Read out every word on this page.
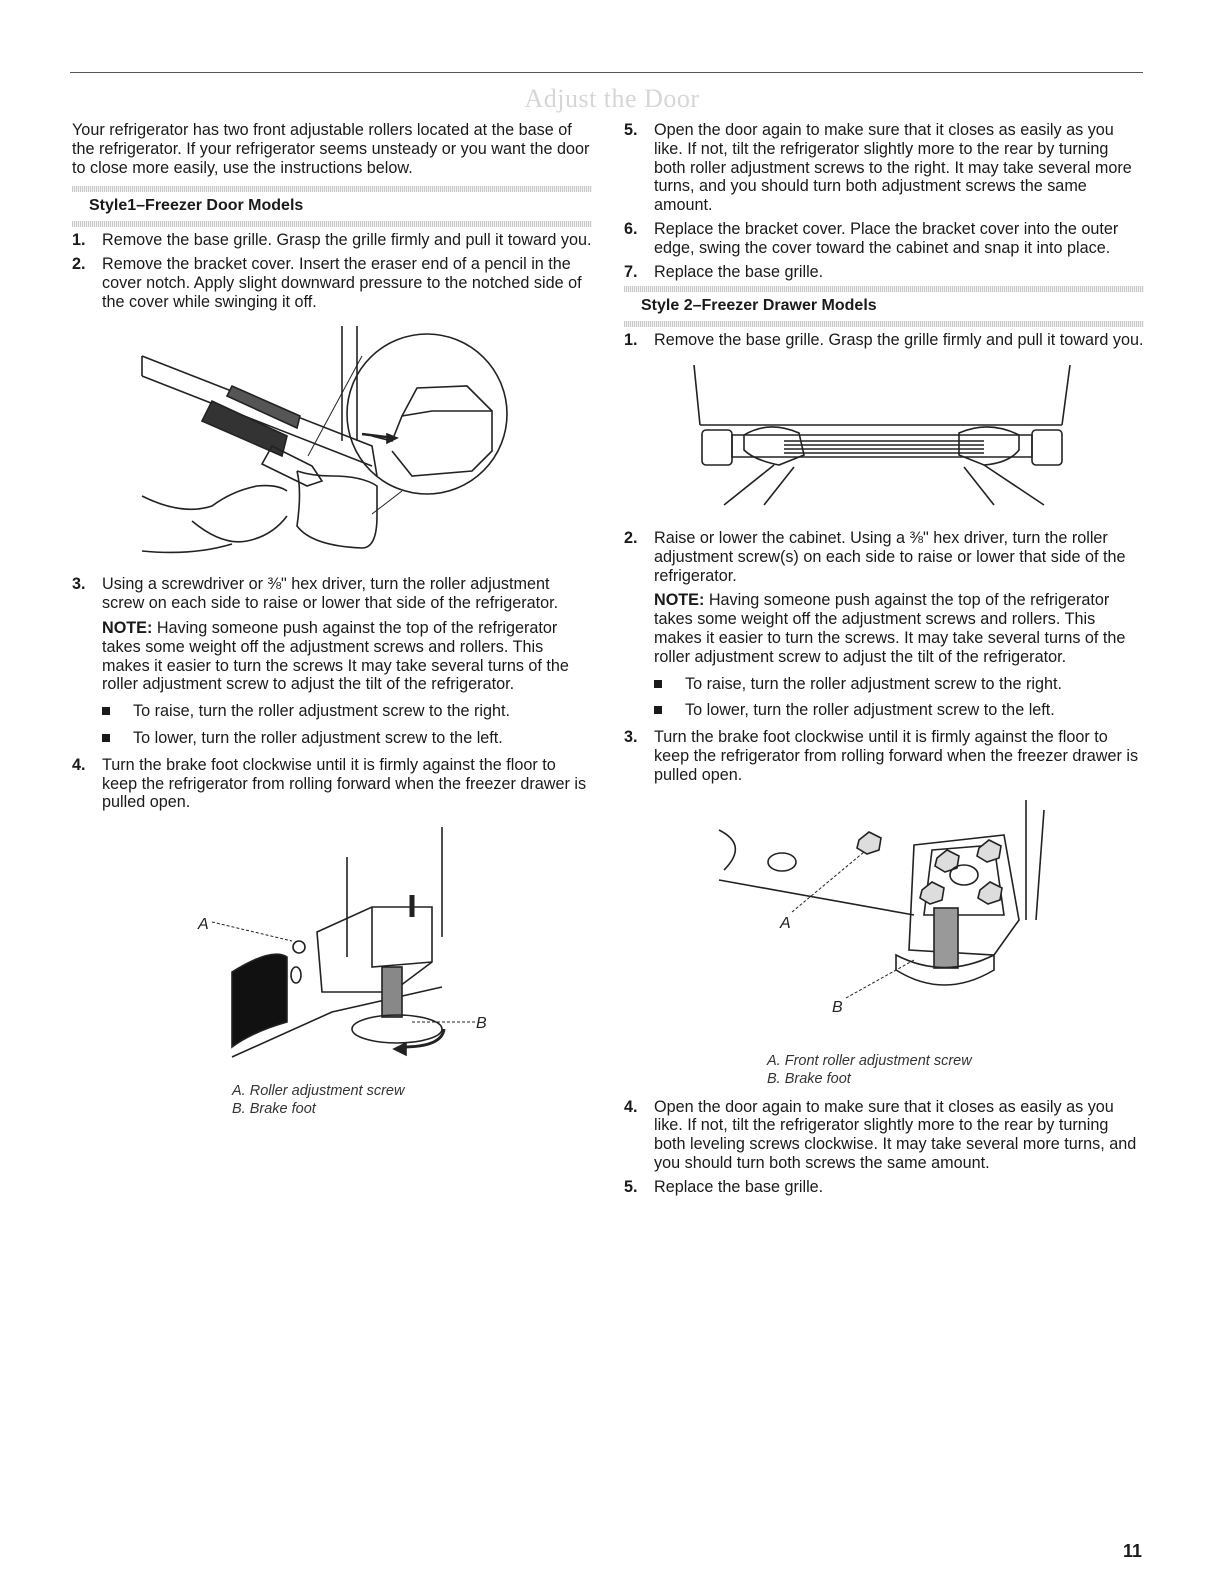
Adjust the Door

Your refrigerator has two front adjustable rollers located at the base of the refrigerator. If your refrigerator seems unsteady or you want the door to close more easily, use the instructions below.

Style1–Freezer Door Models
1. Remove the base grille. Grasp the grille firmly and pull it toward you.
2. Remove the bracket cover. Insert the eraser end of a pencil in the cover notch. Apply slight downward pressure to the notched side of the cover while swinging it off.
3. Using a screwdriver or ⅜" hex driver, turn the roller adjustment screw on each side to raise or lower that side of the refrigerator.

NOTE: Having someone push against the top of the refrigerator takes some weight off the adjustment screws and rollers. This makes it easier to turn the screws It may take several turns of the roller adjustment screw to adjust the tilt of the refrigerator.

To raise, turn the roller adjustment screw to the right.
To lower, turn the roller adjustment screw to the left.
4. Turn the brake foot clockwise until it is firmly against the floor to keep the refrigerator from rolling forward when the freezer drawer is pulled open.
A
B
A. Roller adjustment screw
B. Brake foot
5. Open the door again to make sure that it closes as easily as you like. If not, tilt the refrigerator slightly more to the rear by turning both roller adjustment screws to the right. It may take several more turns, and you should turn both adjustment screws the same amount.
6. Replace the bracket cover. Place the bracket cover into the outer edge, swing the cover toward the cabinet and snap it into place.
7. Replace the base grille.
Style 2–Freezer Drawer Models
1. Remove the base grille. Grasp the grille firmly and pull it toward you.
2. Raise or lower the cabinet. Using a ⅜" hex driver, turn the roller adjustment screw(s) on each side to raise or lower that side of the refrigerator.

NOTE: Having someone push against the top of the refrigerator takes some weight off the adjustment screws and rollers. This makes it easier to turn the screws. It may take several turns of the roller adjustment screw to adjust the tilt of the refrigerator.

To raise, turn the roller adjustment screw to the right.
To lower, turn the roller adjustment screw to the left.
3. Turn the brake foot clockwise until it is firmly against the floor to keep the refrigerator from rolling forward when the freezer drawer is pulled open.
A
B
A. Front roller adjustment screw
B. Brake foot
4. Open the door again to make sure that it closes as easily as you like. If not, tilt the refrigerator slightly more to the rear by turning both leveling screws clockwise. It may take several more turns, and you should turn both screws the same amount.
5. Replace the base grille.
11
